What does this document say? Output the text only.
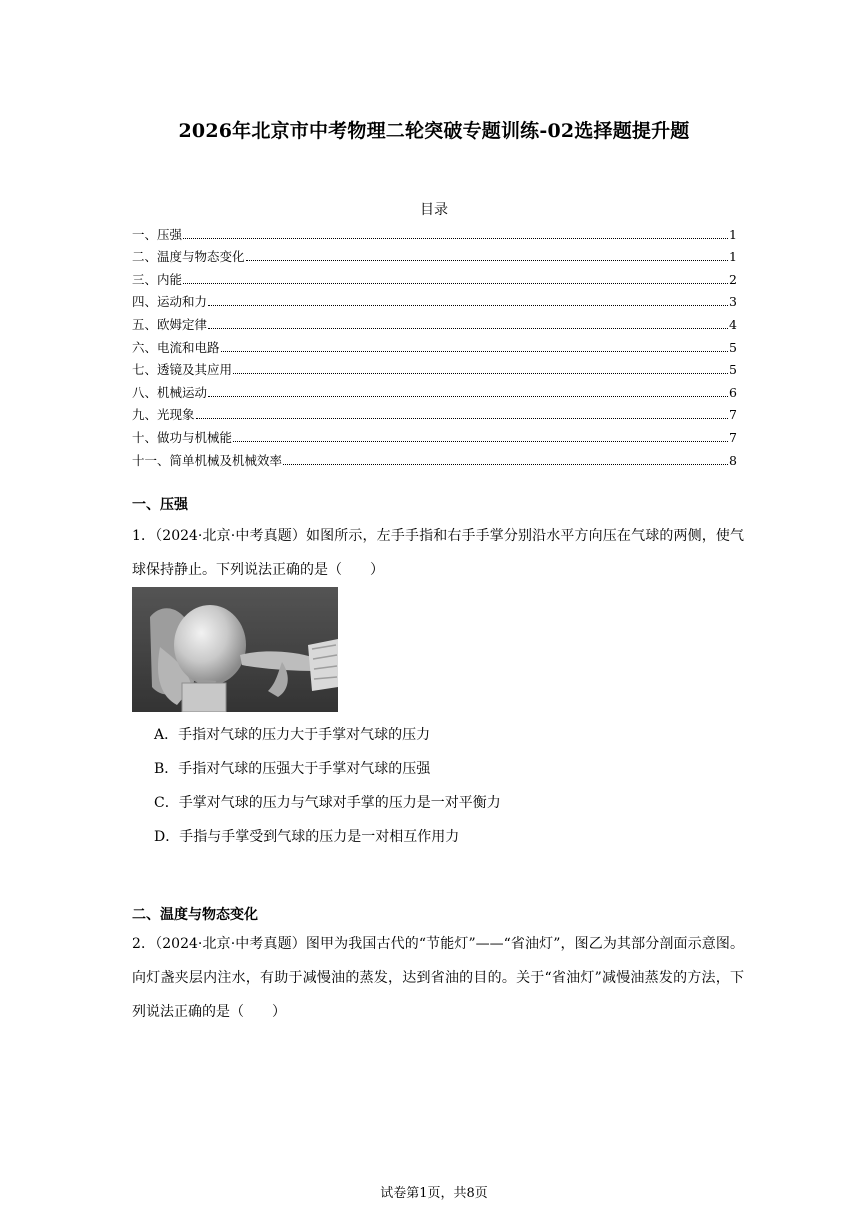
2026年北京市中考物理二轮突破专题训练-02选择题提升题
目录
一、压强	1
二、温度与物态变化	1
三、内能	2
四、运动和力	3
五、欧姆定律	4
六、电流和电路	5
七、透镜及其应用	5
八、机械运动	6
九、光现象	7
十、做功与机械能	7
十一、简单机械及机械效率	8
一、压强
1．（2024·北京·中考真题）如图所示，左手手指和右手手掌分别沿水平方向压在气球的两侧，使气球保持静止。下列说法正确的是（　　）
A．手指对气球的压力大于手掌对气球的压力
B．手指对气球的压强大于手掌对气球的压强
C．手掌对气球的压力与气球对手掌的压力是一对平衡力
D．手指与手掌受到气球的压力是一对相互作用力
二、温度与物态变化
2．（2024·北京·中考真题）图甲为我国古代的“节能灯”——“省油灯”，图乙为其部分剖面示意图。向灯盏夹层内注水，有助于减慢油的蒸发，达到省油的目的。关于“省油灯”减慢油蒸发的方法，下列说法正确的是（　　）
试卷第1页，共8页
